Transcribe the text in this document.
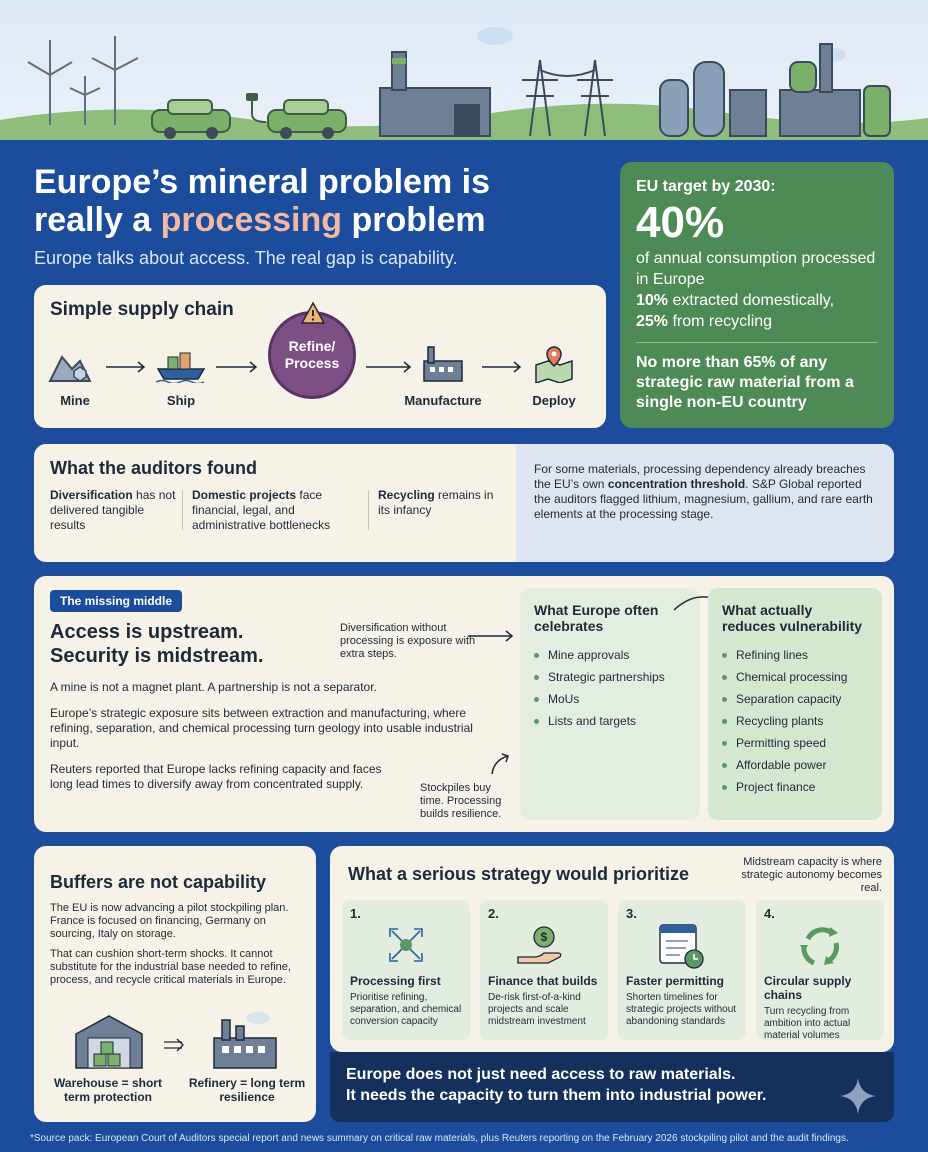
Europe’s mineral problem is
really a processing problem
Europe talks about access. The real gap is capability.
EU target by 2030:
40%
of annual consumption processed in Europe
10% extracted domestically,
25% from recycling
No more than 65% of any strategic raw material from a single non-EU country
Simple supply chain
Mine	Ship
Refine/
Process
Manufacture	Deploy
What the auditors found
Diversification has not delivered tangible results
Domestic projects face financial, legal, and administrative bottlenecks
Recycling remains in its infancy
For some materials, processing dependency already breaches the EU’s own concentration threshold. S&P Global reported the auditors flagged lithium, magnesium, gallium, and rare earth elements at the processing stage.
The missing middle
Access is upstream.
Security is midstream.
Diversification without processing is exposure with extra steps.
A mine is not a magnet plant. A partnership is not a separator.
Europe’s strategic exposure sits between extraction and manufacturing, where refining, separation, and chemical processing turn geology into usable industrial input.
Reuters reported that Europe lacks refining capacity and faces long lead times to diversify away from concentrated supply.	Stockpiles buy time. Processing builds resilience.
What Europe often celebrates
Mine approvals
Strategic partnerships
MoUs
Lists and targets
What actually reduces vulnerability
Refining lines
Chemical processing
Separation capacity
Recycling plants
Permitting speed
Affordable power
Project finance
Buffers are not capability
The EU is now advancing a pilot stockpiling plan. France is focused on financing, Germany on sourcing, Italy on storage.
That can cushion short-term shocks. It cannot substitute for the industrial base needed to refine, process, and recycle critical materials in Europe.
Warehouse = short term protection
Refinery = long term resilience
What a serious strategy would prioritize
Midstream capacity is where strategic autonomy becomes real.
1.
Processing first
Prioritise refining, separation, and chemical conversion capacity
2.
$
Finance that builds
De-risk first-of-a-kind projects and scale midstream investment
3.
Faster permitting
Shorten timelines for strategic projects without abandoning standards
4.
Circular supply chains
Turn recycling from ambition into actual material volumes
Europe does not just need access to raw materials.
It needs the capacity to turn them into industrial power.
*Source pack: European Court of Auditors special report and news summary on critical raw materials, plus Reuters reporting on the February 2026 stockpiling pilot and the audit findings.
